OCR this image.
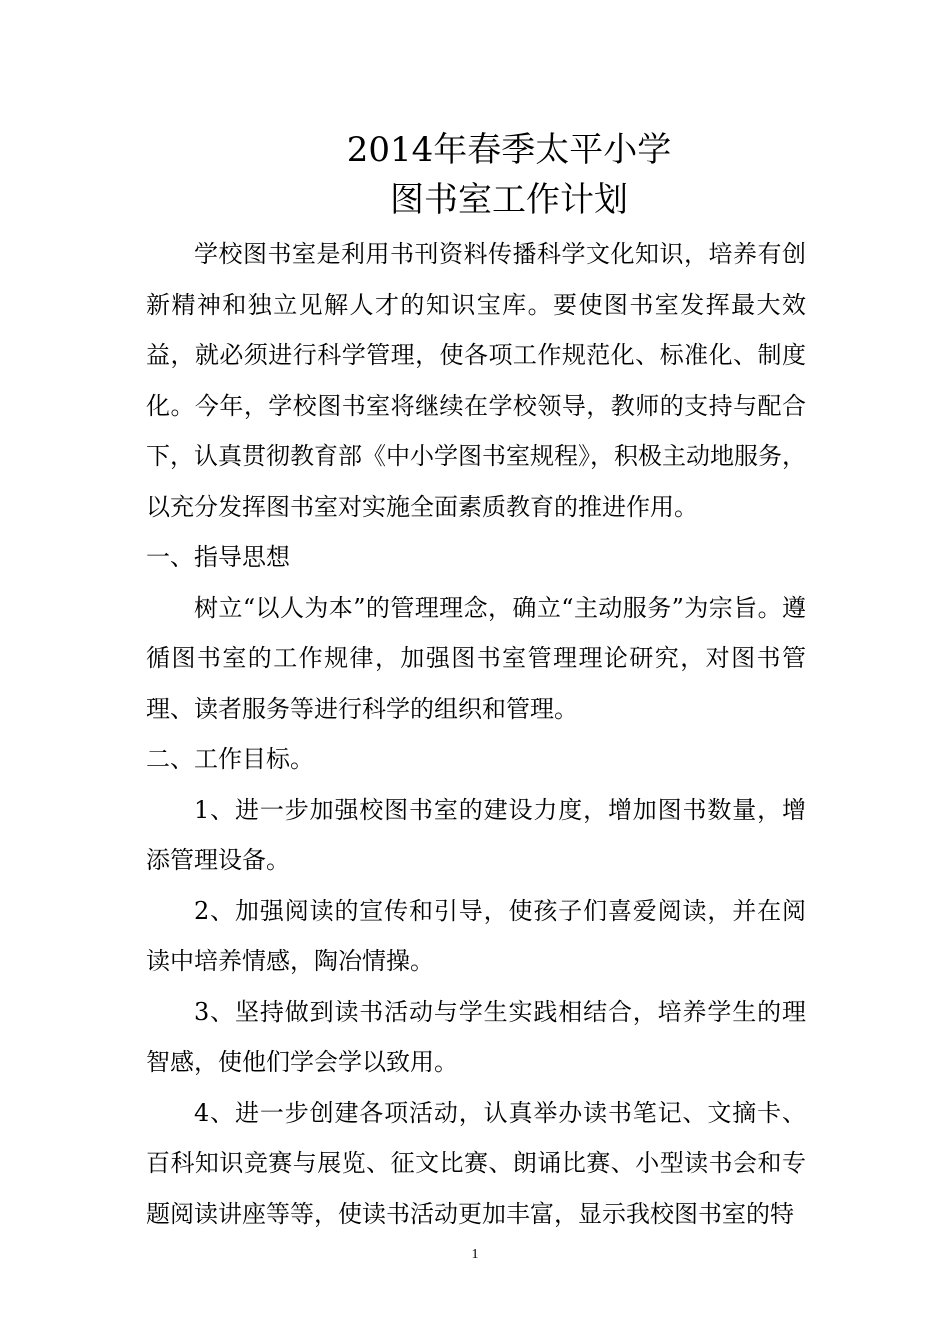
2014年春季太平小学
图书室工作计划

学校图书室是利用书刊资料传播科学文化知识，培养有创新精神和独立见解人才的知识宝库。要使图书室发挥最大效益，就必须进行科学管理，使各项工作规范化、标准化、制度化。今年，学校图书室将继续在学校领导，教师的支持与配合下，认真贯彻教育部《中小学图书室规程》，积极主动地服务，以充分发挥图书室对实施全面素质教育的推进作用。

一、指导思想

树立“以人为本”的管理理念，确立“主动服务”为宗旨。遵循图书室的工作规律，加强图书室管理理论研究，对图书管理、读者服务等进行科学的组织和管理。

二、工作目标。

1、进一步加强校图书室的建设力度，增加图书数量，增添管理设备。

2、加强阅读的宣传和引导，使孩子们喜爱阅读，并在阅读中培养情感，陶冶情操。

3、坚持做到读书活动与学生实践相结合，培养学生的理智感，使他们学会学以致用。

4、进一步创建各项活动，认真举办读书笔记、文摘卡、百科知识竞赛与展览、征文比赛、朗诵比赛、小型读书会和专题阅读讲座等等，使读书活动更加丰富，显示我校图书室的特

1
